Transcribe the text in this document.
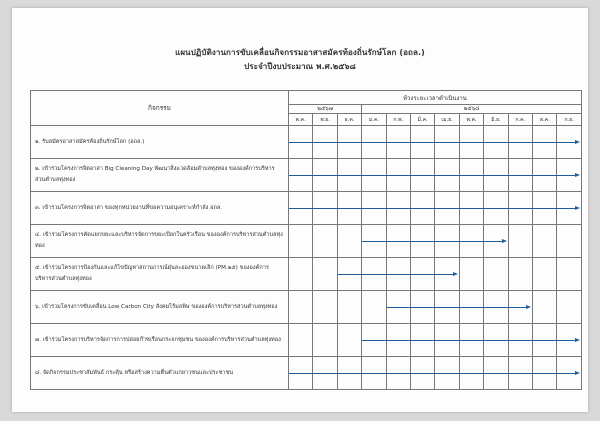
แผนปฏิบัติงานการขับเคลื่อนกิจกรรมอาสาสมัครท้องถิ่นรักษ์โลก (อถล.)
ประจำปีงบประมาณ พ.ศ.๒๕๖๘
กิจกรรม	ห้วงระยะเวลาดำเนินงาน											
	๒๕๖๗			๒๕๖๘								
	ต.ค.	พ.ย.	ธ.ค.	ม.ค.	ก.พ.	มี.ค.	เม.ย.	พ.ค.	มิ.ย.	ก.ค.	ส.ค.	ก.ย.
๑. รับสมัครอาสาสมัครท้องถิ่นรักษ์โลก (อถล.)	

๒. เข้าร่วมโครงการจิตอาสา Big Cleaning Day พัฒนาสิ่งแวดล้อมตำบลทุ่งทอง ขององค์การบริหารส่วนตำบลทุ่งทอง	

๓. เข้าร่วมโครงการจิตอาสา ของทุกหน่วยงานที่ขอความอนุเคราะห์กำลัง อถล.	

๔. เข้าร่วมโครงการคัดแยกขยะและบริหารจัดการขยะเปียกในครัวเรือน ขององค์การบริหารส่วนตำบลทุ่งทอง				

๕. เข้าร่วมโครงการป้องกันและแก้ไขปัญหาสถานการณ์ฝุ่นละอองขนาดเล็ก (PM.๒๕) ขององค์การบริหารส่วนตำบลทุ่งทอง			

๖. เข้าร่วมโครงการขับเคลื่อน Low Carbon City สังคมไร้มลพิษ ขององค์การบริหารส่วนตำบลทุ่งทอง					

๗. เข้าร่วมโครงการบริหารจัดการการปล่อยก๊าซเรือนกระจกชุมชน ขององค์การบริหารส่วนตำบลทุ่งทอง				

๘. จัดกิจกรรมประชาสัมพันธ์ กระตุ้น หรือสร้างความตื่นตัวแก่ยาวชนและประชาชน	
